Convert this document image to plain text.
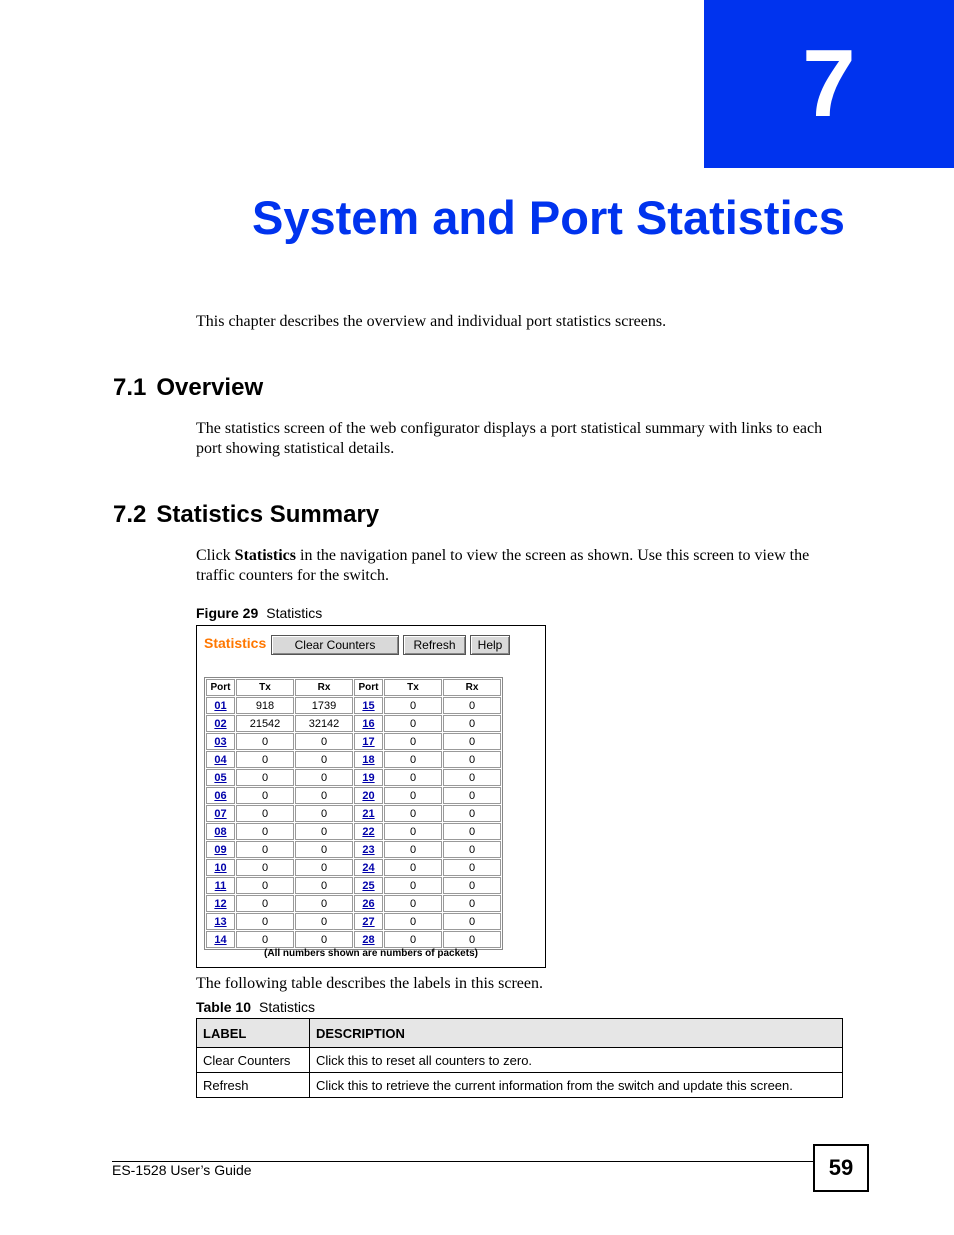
7
System and Port Statistics

This chapter describes the overview and individual port statistics screens.

7.1 Overview

The statistics screen of the web configurator displays a port statistical summary with links to each port showing statistical details.

7.2 Statistics Summary

Click Statistics in the navigation panel to view the screen as shown. Use this screen to view the traffic counters for the switch.

Figure 29 Statistics
Statistics	Clear Counters	Refresh	Help
Port	Tx	Rx	Port	Tx	Rx
01	918	1739	15	0	0
02	21542	32142	16	0	0
03	0	0	17	0	0
04	0	0	18	0	0
05	0	0	19	0	0
06	0	0	20	0	0
07	0	0	21	0	0
08	0	0	22	0	0
09	0	0	23	0	0
10	0	0	24	0	0
11	0	0	25	0	0
12	0	0	26	0	0
13	0	0	27	0	0
14	0	0	28	0	0
(All numbers shown are numbers of packets)

The following table describes the labels in this screen.

Table 10 Statistics
LABEL	DESCRIPTION
Clear Counters	Click this to reset all counters to zero.
Refresh	Click this to retrieve the current information from the switch and update this screen.
ES-1528 User’s Guide	59
